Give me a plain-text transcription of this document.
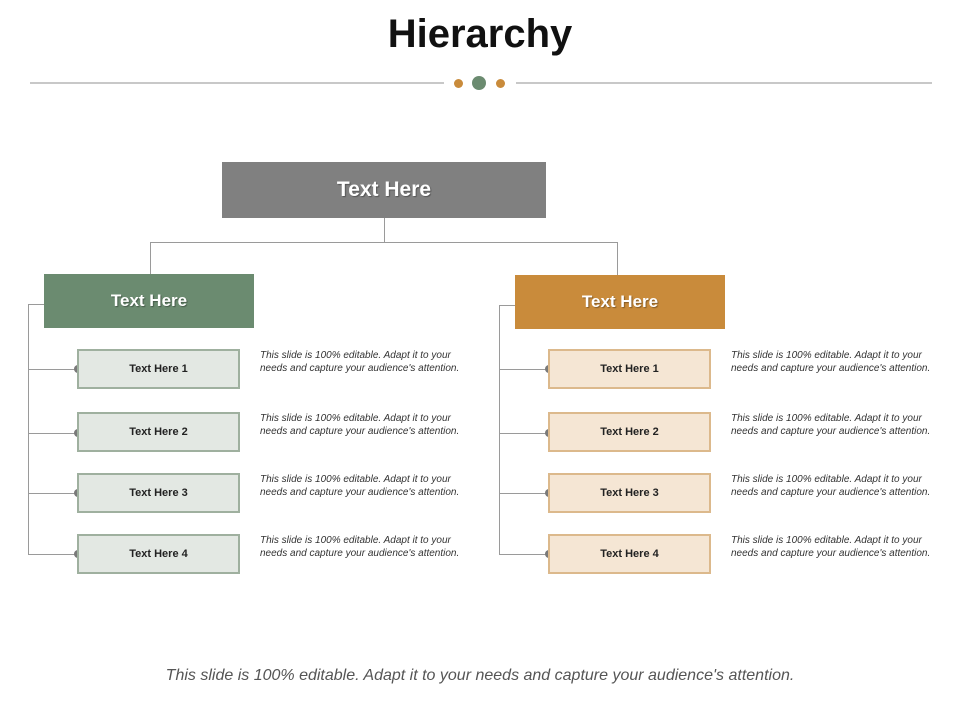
Hierarchy
Text Here
Text Here
Text Here 1
This slide is 100% editable. Adapt it to your needs and capture your audience's attention.
Text Here 2
This slide is 100% editable. Adapt it to your needs and capture your audience's attention.
Text Here 3
This slide is 100% editable. Adapt it to your needs and capture your audience's attention.
Text Here 4
This slide is 100% editable. Adapt it to your needs and capture your audience's attention.
Text Here
Text Here 1
This slide is 100% editable. Adapt it to your needs and capture your audience's attention.
Text Here 2
This slide is 100% editable. Adapt it to your needs and capture your audience's attention.
Text Here 3
This slide is 100% editable. Adapt it to your needs and capture your audience's attention.
Text Here 4
This slide is 100% editable. Adapt it to your needs and capture your audience's attention.
This slide is 100% editable. Adapt it to your needs and capture your audience's attention.
